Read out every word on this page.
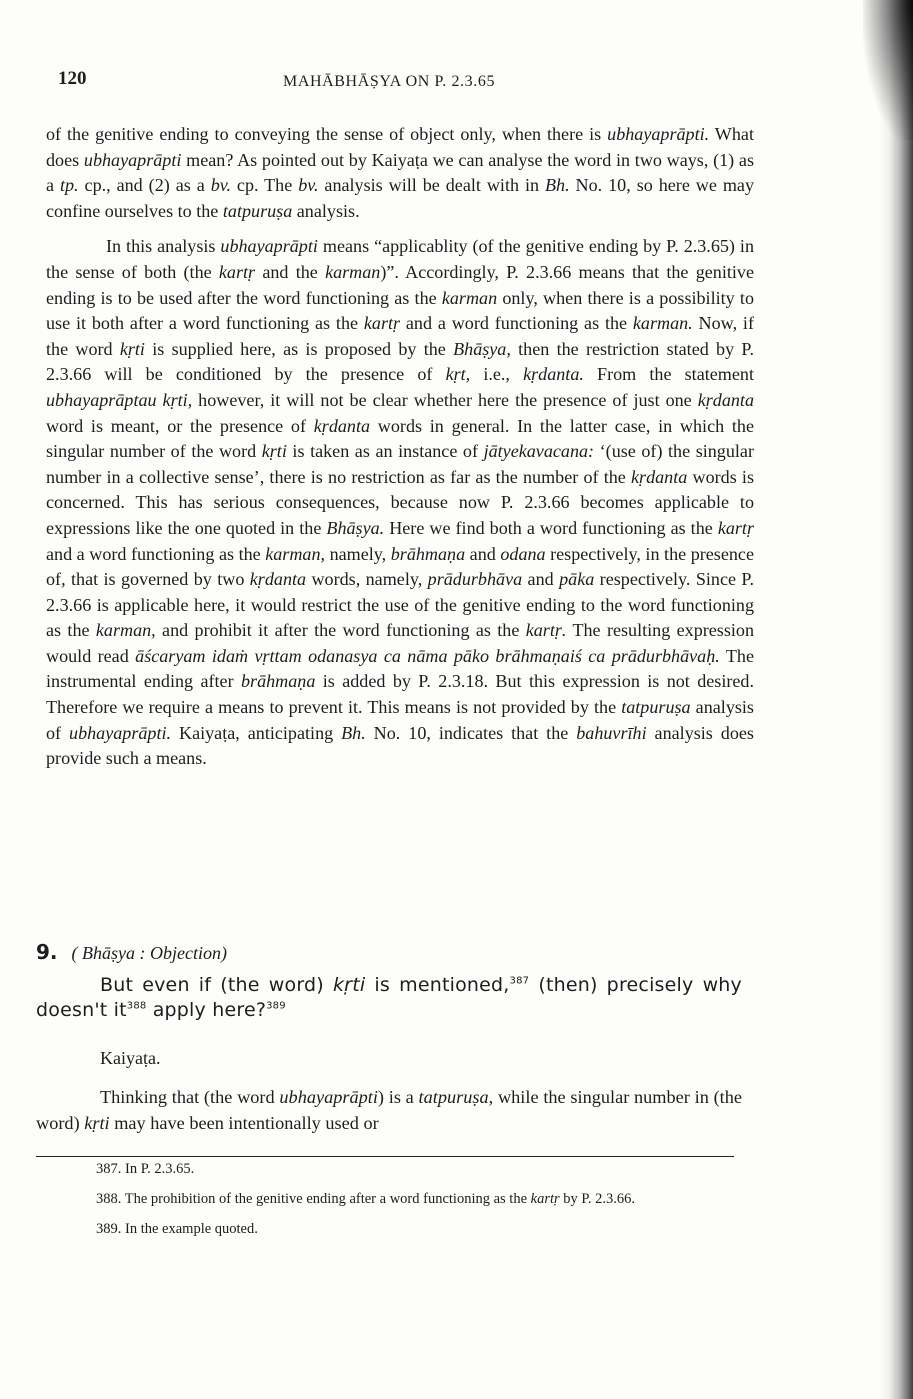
120	MAHĀBHĀṢYA ON P. 2.3.65

of the genitive ending to conveying the sense of object only, when there is ubhayaprāpti. What does ubhayaprāpti mean? As pointed out by Kaiyaṭa we can analyse the word in two ways, (1) as a tp. cp., and (2) as a bv. cp. The bv. analysis will be dealt with in Bh. No. 10, so here we may confine ourselves to the tatpuruṣa analysis.

In this analysis ubhayaprāpti means “applicablity (of the genitive ending by P. 2.3.65) in the sense of both (the kartṛ and the karman)”. Accordingly, P. 2.3.66 means that the genitive ending is to be used after the word functioning as the karman only, when there is a possibility to use it both after a word functioning as the kartṛ and a word functioning as the karman. Now, if the word kṛti is supplied here, as is proposed by the Bhāṣya, then the restriction stated by P. 2.3.66 will be conditioned by the presence of kṛt, i.e., kṛdanta. From the statement ubhayaprāptau kṛti, however, it will not be clear whether here the presence of just one kṛdanta word is meant, or the presence of kṛdanta words in general. In the latter case, in which the singular number of the word kṛti is taken as an instance of jātyekavacana: ‘(use of) the singular number in a collective sense’, there is no restriction as far as the number of the kṛdanta words is concerned. This has serious consequences, because now P. 2.3.66 becomes applicable to expressions like the one quoted in the Bhāṣya. Here we find both a word functioning as the kartṛ and a word functioning as the karman, namely, brāhmaṇa and odana respectively, in the presence of, that is governed by two kṛdanta words, namely, prādurbhāva and pāka respectively. Since P. 2.3.66 is applicable here, it would restrict the use of the genitive ending to the word functioning as the karman, and prohibit it after the word functioning as the kartṛ. The resulting expression would read āścaryam idaṁ vṛttam odanasya ca nāma pāko brāhmaṇaiś ca prādurbhāvaḥ. The instrumental ending after brāhmaṇa is added by P. 2.3.18. But this expression is not desired. Therefore we require a means to prevent it. This means is not provided by the tatpuruṣa analysis of ubhayaprāpti. Kaiyaṭa, anticipating Bh. No. 10, indicates that the bahuvrīhi analysis does provide such a means.

9. ( Bhāṣya : Objection)
But even if (the word) kṛti is mentioned,$^{387}$ (then) precisely why doesn't $it^{388}$ apply here?$^{389}$
Kaiyaṭa.
Thinking that (the word ubhayaprāpti) is a tatpuruṣa, while the singular number in (the word) kṛti may have been intentionally used or

387. In P. 2.3.65.

388. The prohibition of the genitive ending after a word functioning as the kartṛ by P. 2.3.66.

389. In the example quoted.
